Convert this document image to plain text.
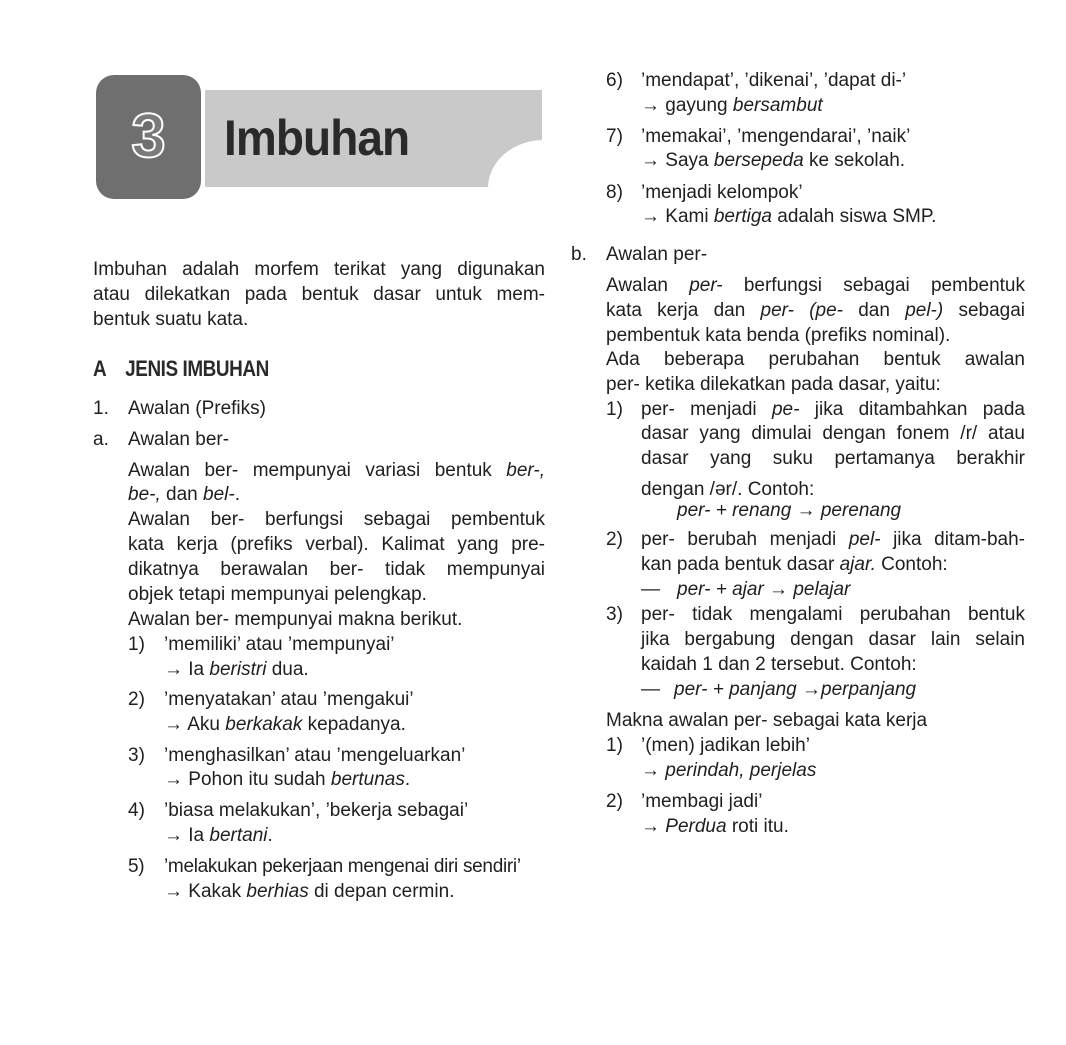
3 Imbuhan
Imbuhan adalah morfem terikat yang digunakan
atau dilekatkan pada bentuk dasar untuk mem-
bentuk suatu kata.
A JENIS IMBUHAN
1. Awalan (Prefiks)
a. Awalan ber-
Awalan ber- mempunyai variasi bentuk ber-,
be-, dan bel-.
Awalan ber- berfungsi sebagai pembentuk
kata kerja (prefiks verbal). Kalimat yang pre-
dikatnya berawalan ber- tidak mempunyai
objek tetapi mempunyai pelengkap.
Awalan ber- mempunyai makna berikut.
1) ’memiliki’ atau ’mempunyai’
→ Ia beristri dua.
2) ’menyatakan’ atau ’mengakui’
→ Aku berkakak kepadanya.
3) ’menghasilkan’ atau ’mengeluarkan’
→ Pohon itu sudah bertunas.
4) ’biasa melakukan’, ’bekerja sebagai’
→ Ia bertani.
5) ’melakukan pekerjaan mengenai diri sendiri’
→ Kakak berhias di depan cermin.
6) ’mendapat’, ’dikenai’, ’dapat di-’
→ gayung bersambut
7) ’memakai’, ’mengendarai’, ’naik’
→ Saya bersepeda ke sekolah.
8) ’menjadi kelompok’
→ Kami bertiga adalah siswa SMP.
b. Awalan per-
Awalan per- berfungsi sebagai pembentuk
kata kerja dan per- (pe- dan pel-) sebagai
pembentuk kata benda (prefiks nominal).
Ada beberapa perubahan bentuk awalan
per- ketika dilekatkan pada dasar, yaitu:
1) per- menjadi pe- jika ditambahkan pada
dasar yang dimulai dengan fonem /r/ atau
dasar yang suku pertamanya berakhir
dengan /ər/. Contoh:
per- + renang → perenang
2) per- berubah menjadi pel- jika ditam-bah-
kan pada bentuk dasar ajar. Contoh:
— per- + ajar → pelajar
3) per- tidak mengalami perubahan bentuk
jika bergabung dengan dasar lain selain
kaidah 1 dan 2 tersebut. Contoh:
— per- + panjang →perpanjang
Makna awalan per- sebagai kata kerja
1) ’(men) jadikan lebih’
→ perindah, perjelas
2) ’membagi jadi’
→ Perdua roti itu.
